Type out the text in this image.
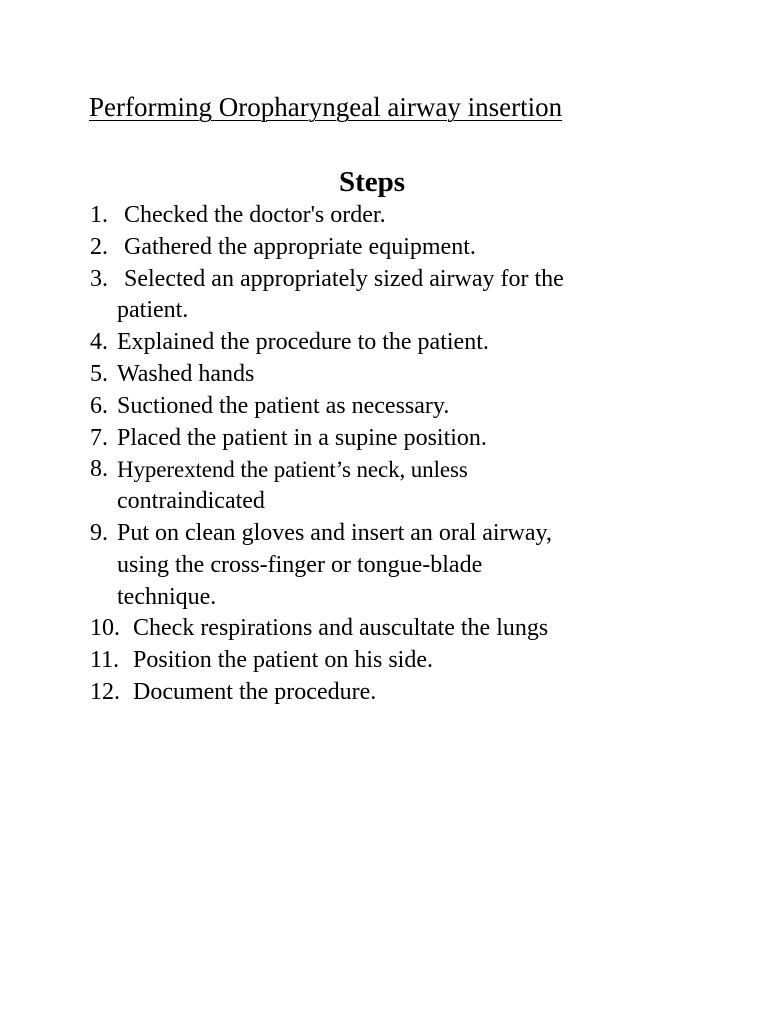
Performing Oropharyngeal airway insertion
Steps
1. Checked the doctor's order.
2. Gathered the appropriate equipment.
3. Selected an appropriately sized airway for the
patient.
4. Explained the procedure to the patient.
5. Washed hands
6. Suctioned the patient as necessary.
7. Placed the patient in a supine position.
8. Hyperextend the patient’s neck, unless
contraindicated
9. Put on clean gloves and insert an oral airway,
using the cross-finger or tongue-blade
technique.
10. Check respirations and auscultate the lungs
11. Position the patient on his side.
12. Document the procedure.
